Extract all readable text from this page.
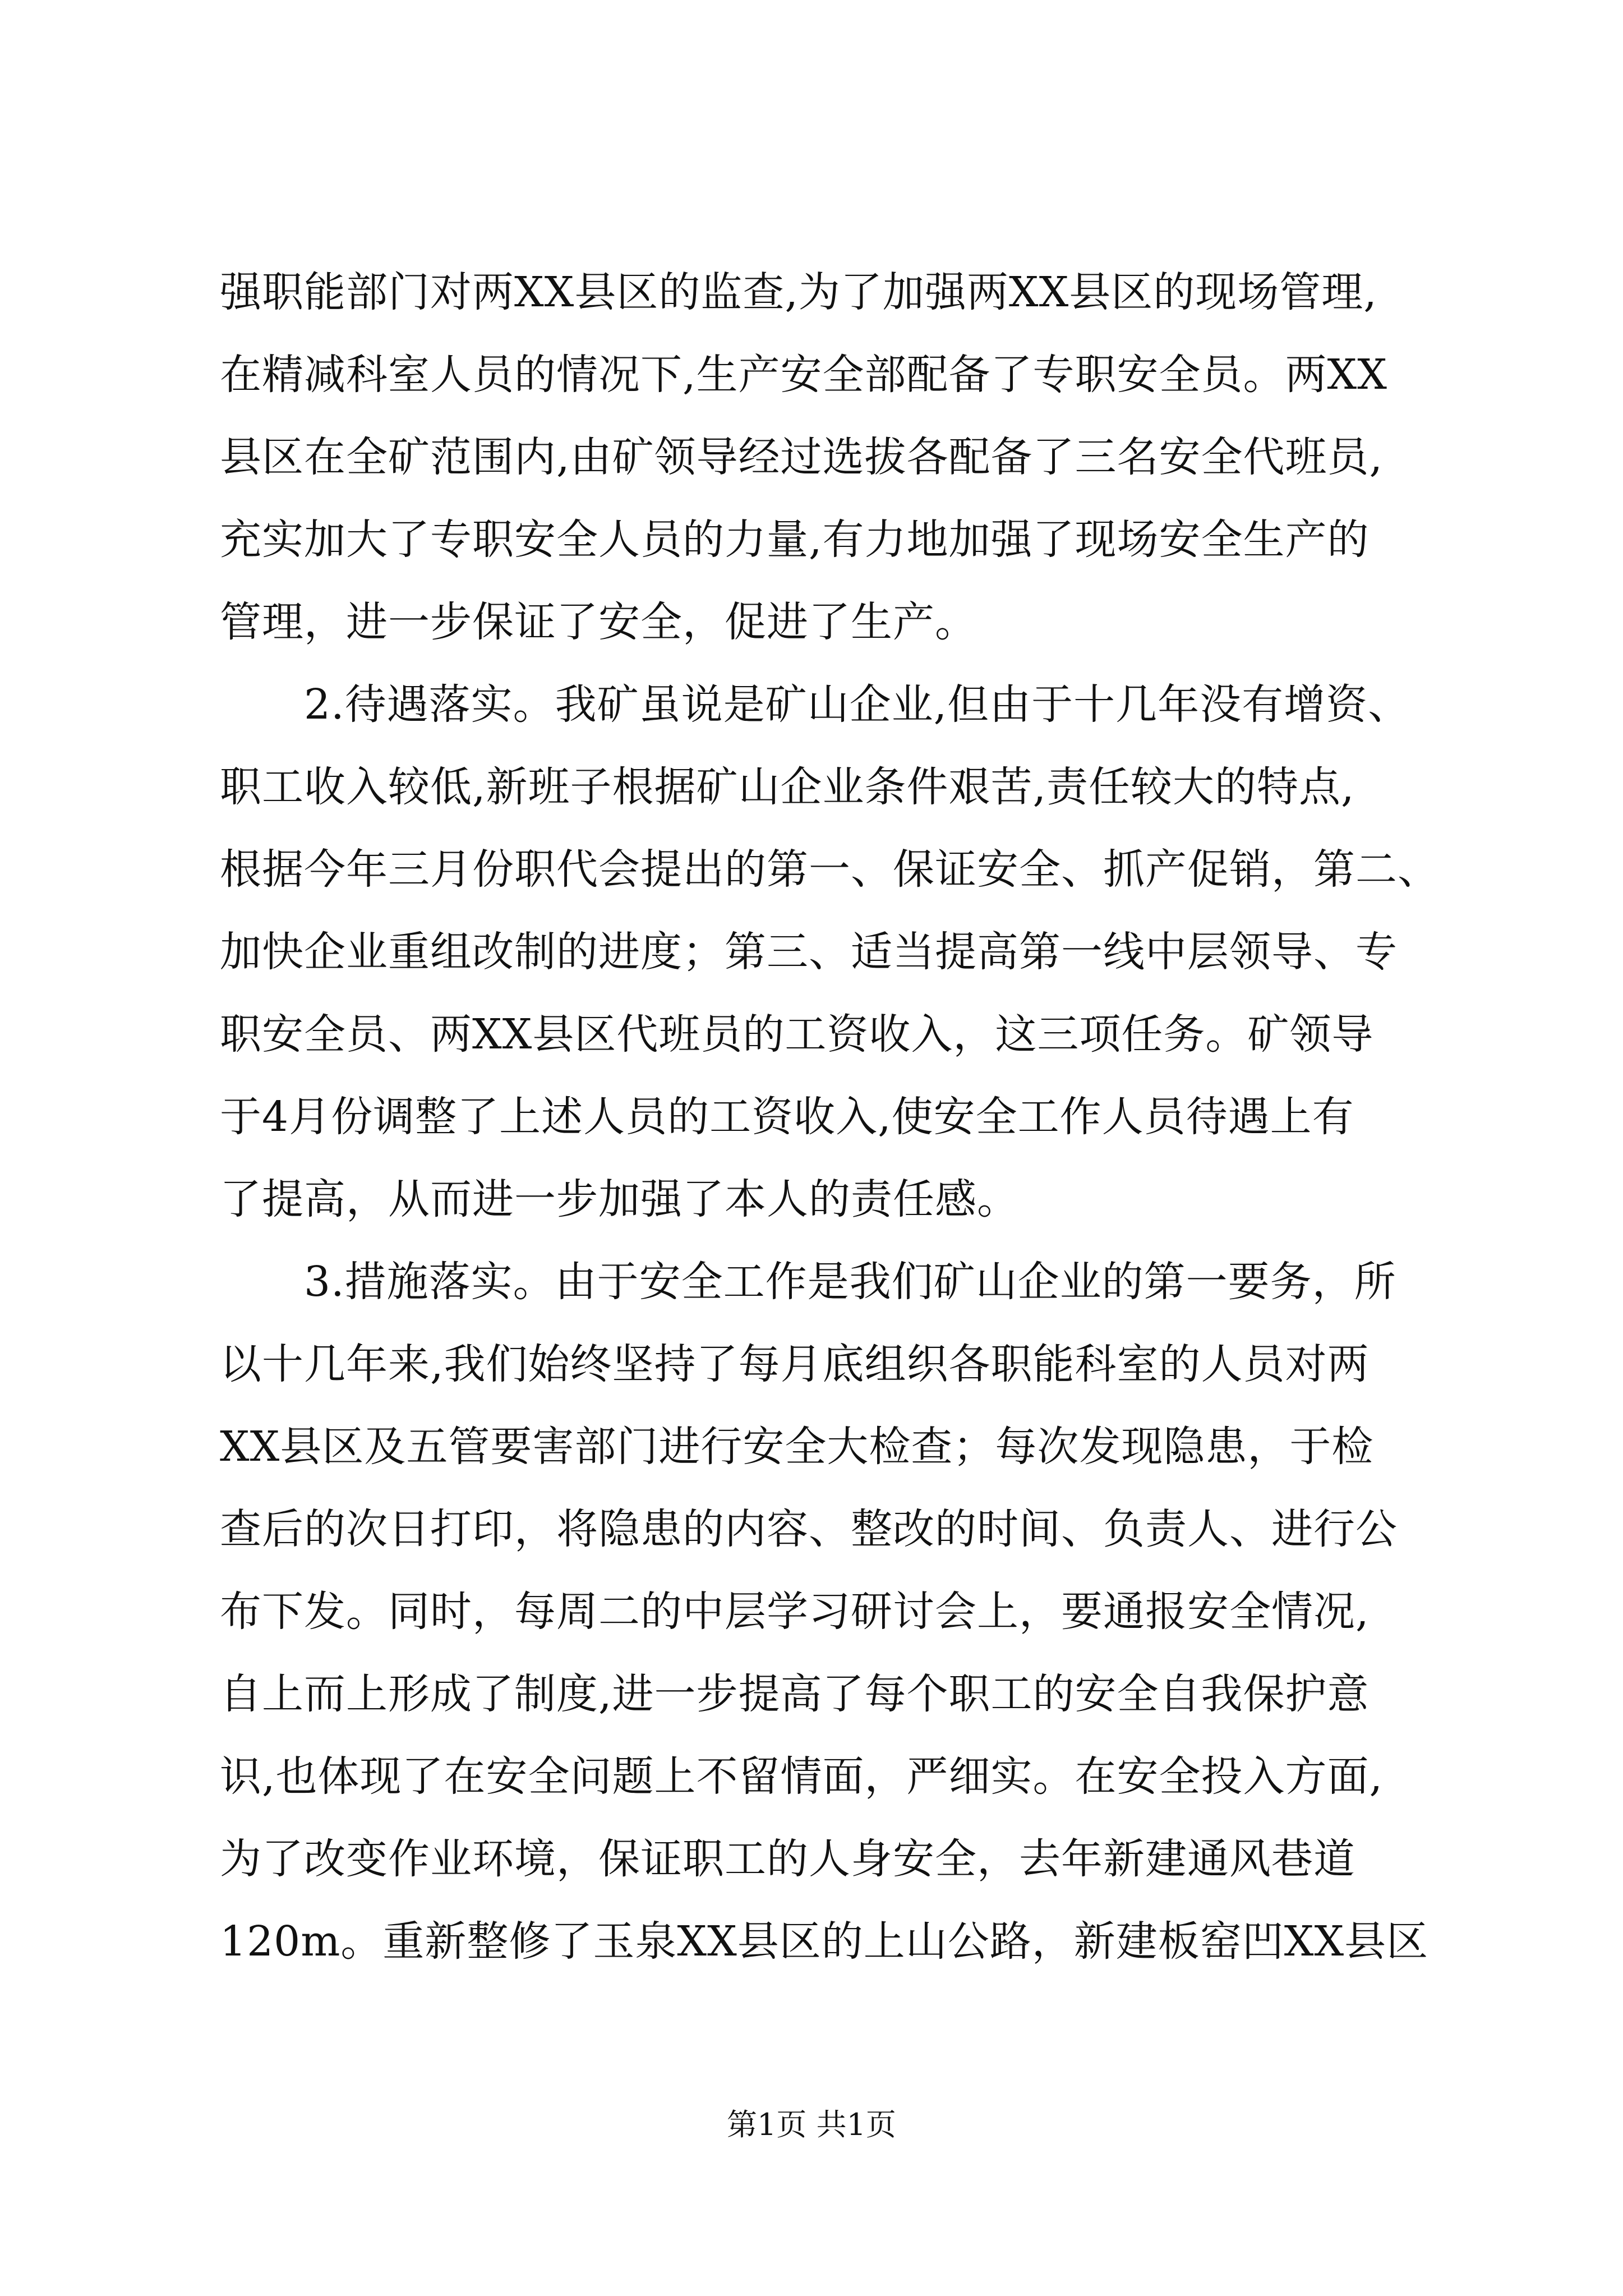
强职能部门对两XX县区的监查,为了加强两XX县区的现场管理,
在精减科室人员的情况下,生产安全部配备了专职安全员。两XX
县区在全矿范围内,由矿领导经过选拔各配备了三名安全代班员,
充实加大了专职安全人员的力量,有力地加强了现场安全生产的
管理，进一步保证了安全，促进了生产。
　　2.待遇落实。我矿虽说是矿山企业,但由于十几年没有增资、
职工收入较低,新班子根据矿山企业条件艰苦,责任较大的特点,
根据今年三月份职代会提出的第一、保证安全、抓产促销，第二、
加快企业重组改制的进度；第三、适当提高第一线中层领导、专
职安全员、两XX县区代班员的工资收入，这三项任务。矿领导
于4月份调整了上述人员的工资收入,使安全工作人员待遇上有
了提高，从而进一步加强了本人的责任感。
　　3.措施落实。由于安全工作是我们矿山企业的第一要务，所
以十几年来,我们始终坚持了每月底组织各职能科室的人员对两
XX县区及五管要害部门进行安全大检查；每次发现隐患，于检
查后的次日打印，将隐患的内容、整改的时间、负责人、进行公
布下发。同时，每周二的中层学习研讨会上，要通报安全情况,
自上而上形成了制度,进一步提高了每个职工的安全自我保护意
识,也体现了在安全问题上不留情面，严细实。在安全投入方面,
为了改变作业环境，保证职工的人身安全，去年新建通风巷道
120m。重新整修了玉泉XX县区的上山公路，新建板窑凹XX县区
第1页 共1页
